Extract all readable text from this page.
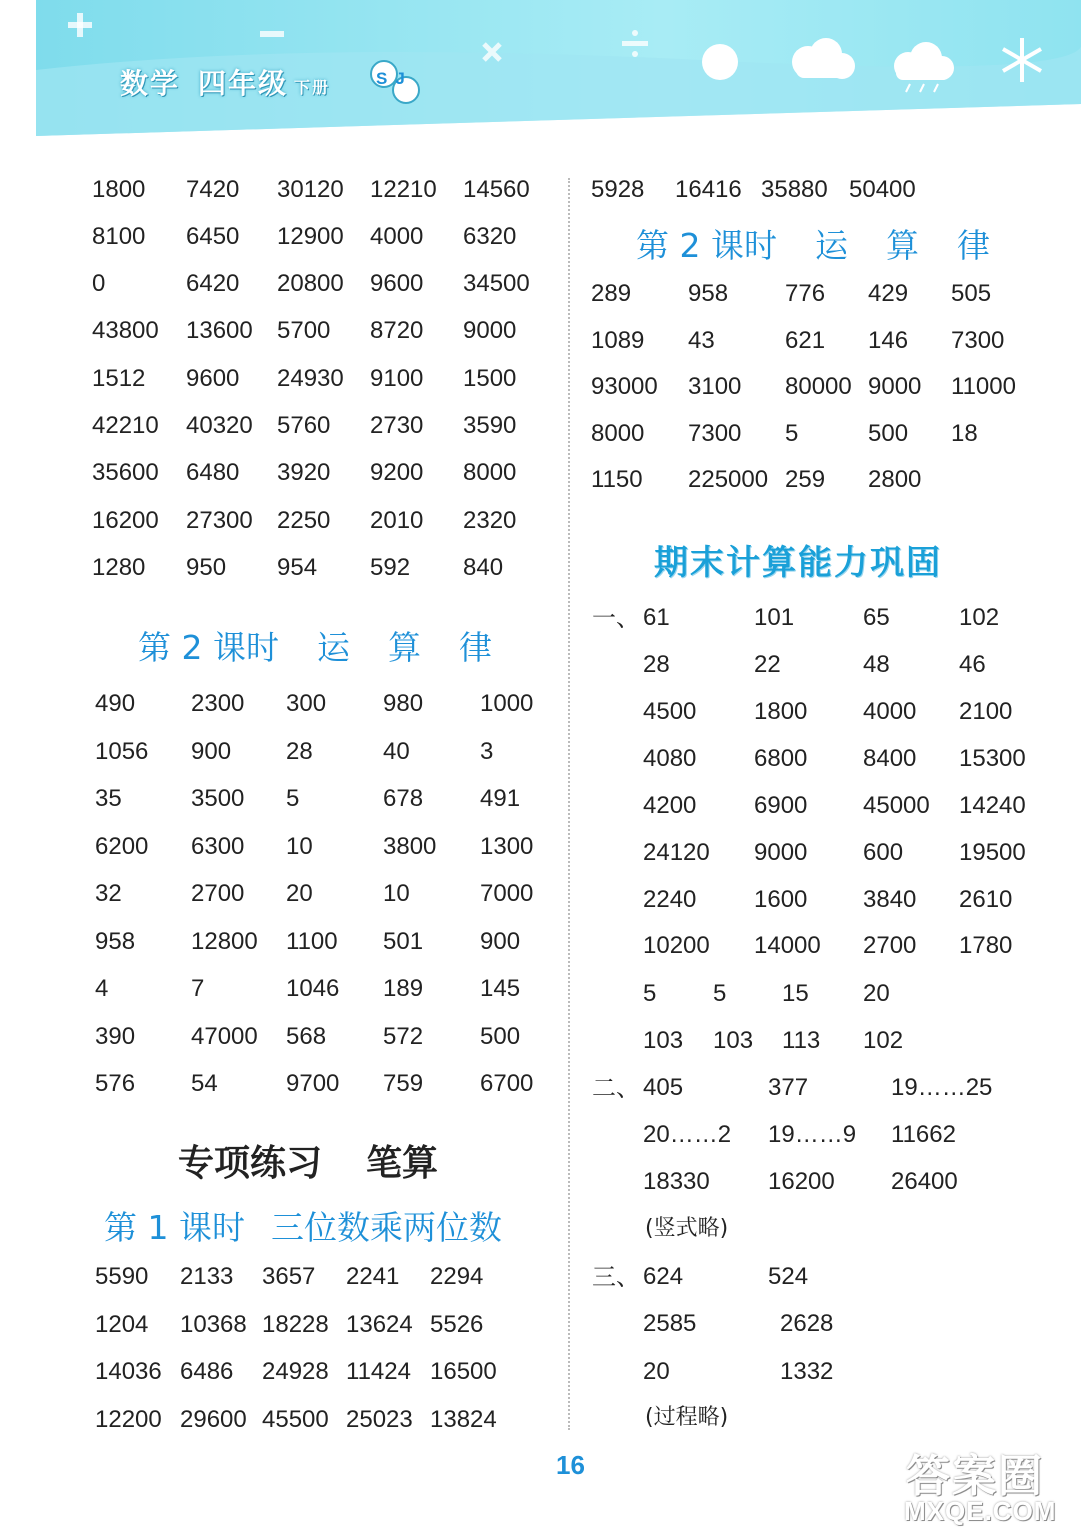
数学 四年级 下册	SJ
1800 7420 30120 12210 14560
8100 6450 12900 4000 6320
0	6420 20800 9600 34500
43800 13600 5700 8720 9000
1512 9600 24930 9100 1500
42210 40320 5760 2730 3590
35600 6480 3920 9200 8000
16200 27300 2250 2010 2320
1280 950 954 592 840
第 2 课时 运 算 律
490 2300 300 980 1000
1056 900 28	40	3
35	3500 5	678 491
6200 6300 10	3800 1300
32	2700 20	10	7000
958 12800 1100 501 900
4	7	1046 189 145
390 47000 568 572 500
576 54	9700 759 6700
专项练习 笔算
第 1 课时 三位数乘两位数
5590 2133 3657 2241 2294
1204 10368 18228 13624 5526
14036 6486 24928 11424 16500
12200 29600 45500 25023 13824
5928 16416 35880 50400
第 2 课时 运 算 律
289 958 776 429 505
1089 43	621 146 7300
93000 3100 80000 9000 11000
8000 7300 5	500 18
1150 225000 259 2800
期末计算能力巩固
一、 61	101	65	102
28	22	48	46
4500 1800 4000 2100
4080 6800 8400 15300
4200 6900 45000 14240
24120 9000 600 19500
2240 1600 3840 2610
10200 14000 2700 1780
5 5 15 20
103 103 113 102
二、 405	377	19……25
20……2 19……9 11662
18330 16200 26400
(竖式略)
三、 624	524
2585	2628
20	1332
(过程略)
16	答案圈
MXQE.COM
